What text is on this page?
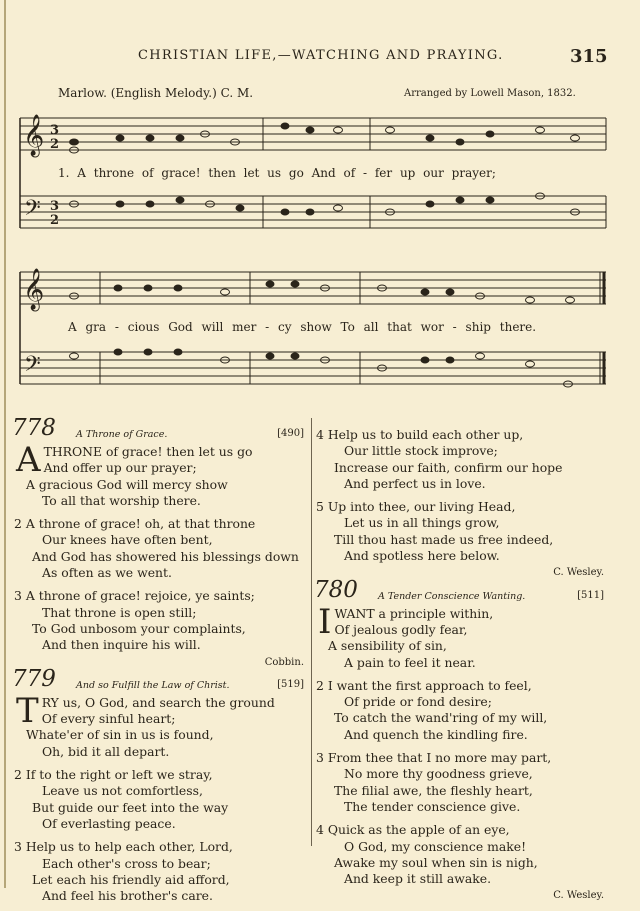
CHRISTIAN LIFE,—WATCHING AND PRAYING.	315
Marlow. (English Melody.) C. M.	Arranged by Lowell Mason, 1832.
𝄞
𝄢
3
2
3
2
𝄞
𝄢
1. A throne of grace! then let us go And of - fer up our prayer;
A gra - cious God will mer - cy show To all that wor - ship there.
778 A Throne of Grace.	[490]
ATHRONE of grace! then let us go
And offer up our prayer;
A gracious God will mercy show
To all that worship there.
2 A throne of grace! oh, at that throne
Our knees have often bent,
And God has showered his blessings down
As often as we went.
3 A throne of grace! rejoice, ye saints;
That throne is open still;
To God unbosom your complaints,
And then inquire his will.
Cobbin.
779 And so Fulfill the Law of Christ.	[519]
TRY us, O God, and search the ground
Of every sinful heart;
Whate'er of sin in us is found,
Oh, bid it all depart.
2 If to the right or left we stray,
Leave us not comfortless,
But guide our feet into the way
Of everlasting peace.
3 Help us to help each other, Lord,
Each other's cross to bear;
Let each his friendly aid afford,
And feel his brother's care.
4 Help us to build each other up,
Our little stock improve;
Increase our faith, confirm our hope
And perfect us in love.
5 Up into thee, our living Head,
Let us in all things grow,
Till thou hast made us free indeed,
And spotless here below.
C. Wesley.
780 A Tender Conscience Wanting.	[511]
IWANT a principle within,
Of jealous godly fear,
A sensibility of sin,
A pain to feel it near.
2 I want the first approach to feel,
Of pride or fond desire;
To catch the wand'ring of my will,
And quench the kindling fire.
3 From thee that I no more may part,
No more thy goodness grieve,
The filial awe, the fleshly heart,
The tender conscience give.
4 Quick as the apple of an eye,
O God, my conscience make!
Awake my soul when sin is nigh,
And keep it still awake.
C. Wesley.
